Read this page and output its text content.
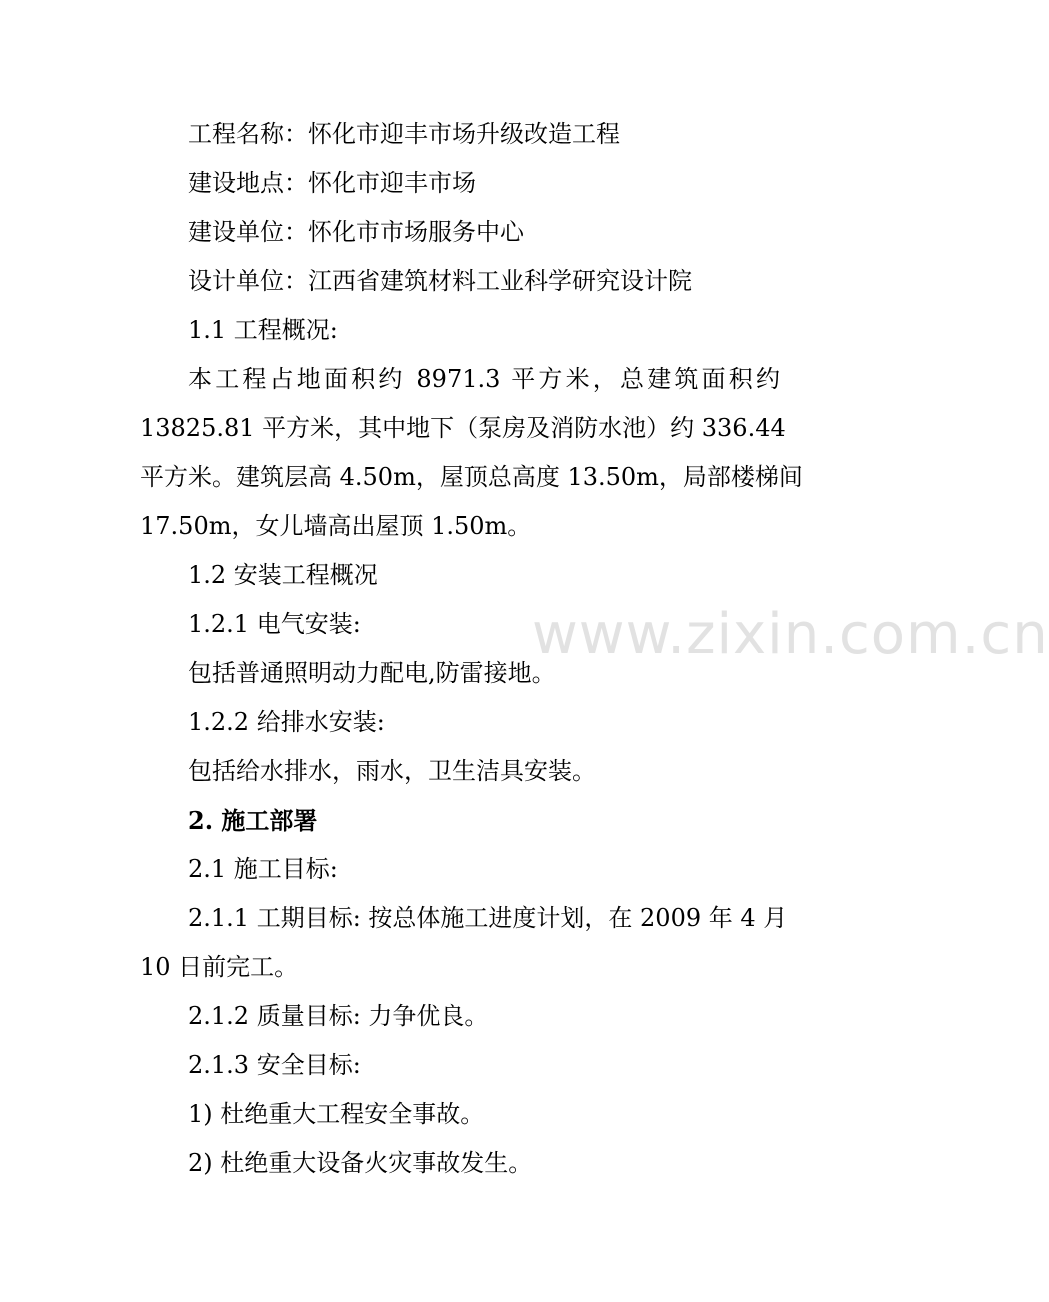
工程名称：怀化市迎丰市场升级改造工程
建设地点：怀化市迎丰市场
建设单位：怀化市市场服务中心
设计单位：江西省建筑材料工业科学研究设计院
1.1 工程概况:
本工程占地面积约 8971.3 平方米，总建筑面积约
13825.81 平方米，其中地下（泵房及消防水池）约 336.44
平方米。建筑层高 4.50m，屋顶总高度 13.50m，局部楼梯间
17.50m，女儿墙高出屋顶 1.50m。
1.2 安装工程概况
1.2.1 电气安装:
包括普通照明动力配电,防雷接地。
1.2.2 给排水安装:
包括给水排水，雨水，卫生洁具安装。
2. 施工部署
2.1 施工目标:
2.1.1 工期目标: 按总体施工进度计划，在 2009 年 4 月
10 日前完工。
2.1.2 质量目标: 力争优良。
2.1.3 安全目标:
1) 杜绝重大工程安全事故。
2) 杜绝重大设备火灾事故发生。
www.zixin.com.cn
